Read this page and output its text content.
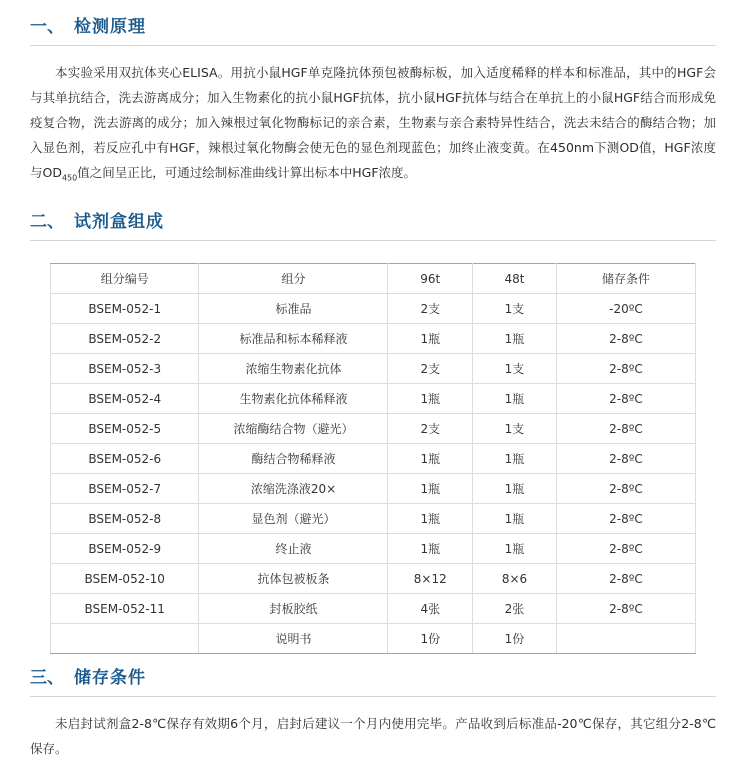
一、 检测原理

本实验采用双抗体夹心ELISA。用抗小鼠HGF单克隆抗体预包被酶标板，加入适度稀释的样本和标准品，其中的HGF会与其单抗结合，洗去游离成分；加入生物素化的抗小鼠HGF抗体，抗小鼠HGF抗体与结合在单抗上的小鼠HGF结合而形成免疫复合物，洗去游离的成分；加入辣根过氧化物酶标记的亲合素，生物素与亲合素特异性结合，洗去未结合的酶结合物；加入显色剂，若反应孔中有HGF，辣根过氧化物酶会使无色的显色剂现蓝色；加终止液变黄。在450nm下测OD值，HGF浓度与$OD_{450}$值之间呈正比，可通过绘制标准曲线计算出标本中HGF浓度。

二、 试剂盒组成
组分编号	组分	96t	48t	储存条件
BSEM-052-1	标准品	2支	1支	-20ºC
BSEM-052-2	标准品和标本稀释液	1瓶	1瓶	2-8ºC
BSEM-052-3	浓缩生物素化抗体	2支	1支	2-8ºC
BSEM-052-4	生物素化抗体稀释液	1瓶	1瓶	2-8ºC
BSEM-052-5	浓缩酶结合物（避光）	2支	1支	2-8ºC
BSEM-052-6	酶结合物稀释液	1瓶	1瓶	2-8ºC
BSEM-052-7	浓缩洗涤液20×	1瓶	1瓶	2-8ºC
BSEM-052-8	显色剂（避光）	1瓶	1瓶	2-8ºC
BSEM-052-9	终止液	1瓶	1瓶	2-8ºC
BSEM-052-10	抗体包被板条	8×12	8×6	2-8ºC
BSEM-052-11	封板胶纸	4张	2张	2-8ºC
	说明书	1份	1份	
三、 储存条件

未启封试剂盒2-8℃保存有效期6个月，启封后建议一个月内使用完毕。产品收到后标准品-20℃保存，其它组分2-8℃保存。
